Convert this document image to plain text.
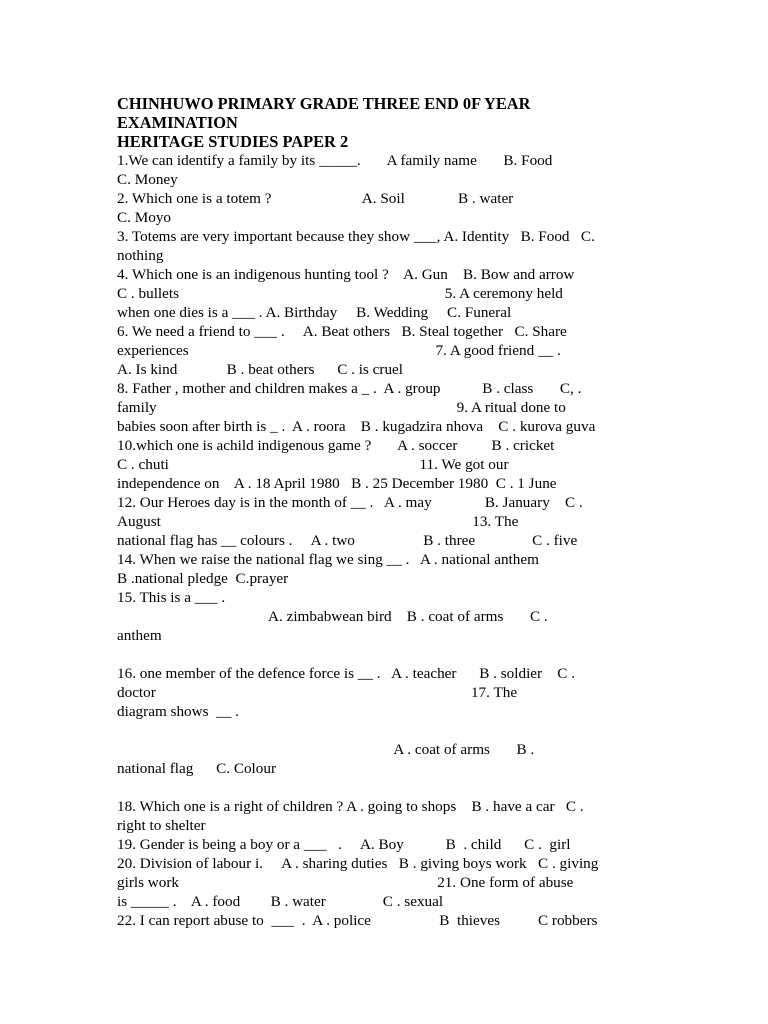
CHINHUWO PRIMARY GRADE THREE END 0F YEAR
EXAMINATION
HERITAGE STUDIES PAPER 2
1.We can identify a family by its _____.       A family name       B. Food
C. Money
2. Which one is a totem ?                        A. Soil              B . water
C. Moyo
3. Totems are very important because they show ___, A. Identity   B. Food   C.
nothing
4. Which one is an indigenous hunting tool ?    A. Gun    B. Bow and arrow
C . bullets                                                                      5. A ceremony held
when one dies is a ___ . A. Birthday     B. Wedding     C. Funeral
6. We need a friend to ___ .     A. Beat others   B. Steal together   C. Share
experiences                                                                 7. A good friend __ .
A. Is kind             B . beat others      C . is cruel
8. Father , mother and children makes a _ .  A . group           B . class       C, .
family                                                                               9. A ritual done to
babies soon after birth is _ .  A . roora    B . kugadzira nhova    C . kurova guva
10.which one is achild indigenous game ?       A . soccer         B . cricket
C . chuti                                                                  11. We got our
independence on    A . 18 April 1980   B . 25 December 1980  C . 1 June
12. Our Heroes day is in the month of __ .   A . may              B. January    C .
August                                                                                  13. The
national flag has __ colours .     A . two                  B . three               C . five
14. When we raise the national flag we sing __ .   A . national anthem
B .national pledge  C.prayer
15. This is a ___ .
A. zimbabwean bird    B . coat of arms       C .
anthem
16. one member of the defence force is __ .   A . teacher      B . soldier    C .
doctor                                                                                   17. The
diagram shows  __ .
A . coat of arms       B .
national flag      C. Colour
18. Which one is a right of children ? A . going to shops    B . have a car   C .
right to shelter
19. Gender is being a boy or a ___   .     A. Boy           B  . child      C .  girl
20. Division of labour i.     A . sharing duties   B . giving boys work   C . giving
girls work                                                                    21. One form of abuse
is _____ .    A . food        B . water               C . sexual
22. I can report abuse to  ___  .  A . police                  B  thieves          C robbers
